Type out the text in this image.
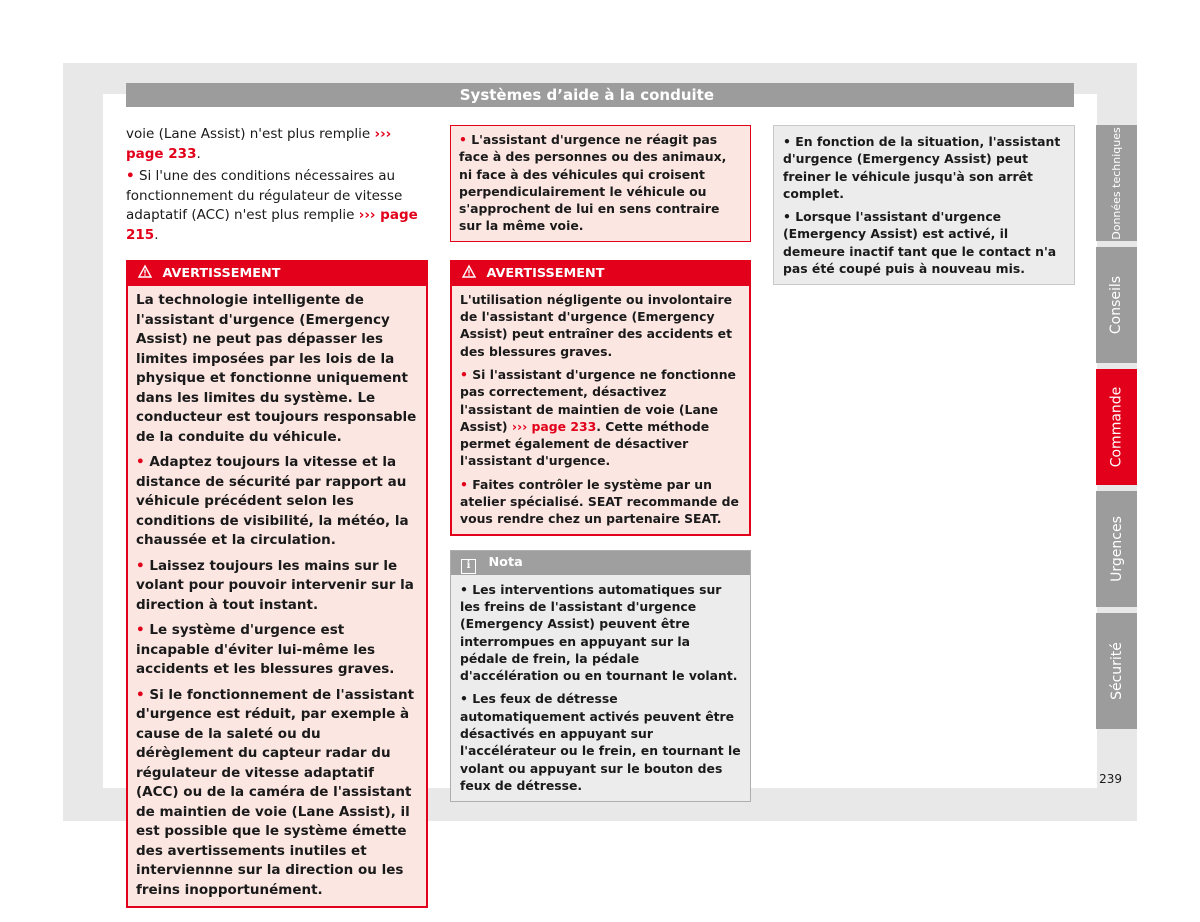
Systèmes d’aide à la conduite

voie (Lane Assist) n'est plus remplie ››› page 233.

• Si l'une des conditions nécessaires au fonctionnement du régulateur de vitesse adaptatif (ACC) n'est plus remplie ››› page 215.

AVERTISSEMENT

La technologie intelligente de l'assistant d'urgence (Emergency Assist) ne peut pas dépasser les limites imposées par les lois de la physique et fonctionne uniquement dans les limites du système. Le conducteur est toujours responsable de la conduite du véhicule.

• Adaptez toujours la vitesse et la distance de sécurité par rapport au véhicule précédent selon les conditions de visibilité, la météo, la chaussée et la circulation.

• Laissez toujours les mains sur le volant pour pouvoir intervenir sur la direction à tout instant.

• Le système d'urgence est incapable d'éviter lui-même les accidents et les blessures graves.

• Si le fonctionnement de l'assistant d'urgence est réduit, par exemple à cause de la saleté ou du dérèglement du capteur radar du régulateur de vitesse adaptatif (ACC) ou de la caméra de l'assistant de maintien de voie (Lane Assist), il est possible que le système émette des avertissements inutiles et interviennne sur la direction ou les freins inopportunément.

• L'assistant d'urgence ne réagit pas face à des personnes ou des animaux, ni face à des véhicules qui croisent perpendiculairement le véhicule ou s'approchent de lui en sens contraire sur la même voie.

AVERTISSEMENT

L'utilisation négligente ou involontaire de l'assistant d'urgence (Emergency Assist) peut entraîner des accidents et des blessures graves.

• Si l'assistant d'urgence ne fonctionne pas correctement, désactivez l'assistant de maintien de voie (Lane Assist) ››› page 233. Cette méthode permet également de désactiver l'assistant d'urgence.

• Faites contrôler le système par un atelier spécialisé. SEAT recommande de vous rendre chez un partenaire SEAT.

i Nota

• Les interventions automatiques sur les freins de l'assistant d'urgence (Emergency Assist) peuvent être interrompues en appuyant sur la pédale de frein, la pédale d'accélération ou en tournant le volant.

• Les feux de détresse automatiquement activés peuvent être désactivés en appuyant sur l'accélérateur ou le frein, en tournant le volant ou appuyant sur le bouton des feux de détresse.

• En fonction de la situation, l'assistant d'urgence (Emergency Assist) peut freiner le véhicule jusqu'à son arrêt complet.

• Lorsque l'assistant d'urgence (Emergency Assist) est activé, il demeure inactif tant que le contact n'a pas été coupé puis à nouveau mis.

Données techniques
Conseils
Commande
Urgences
Sécurité
239
